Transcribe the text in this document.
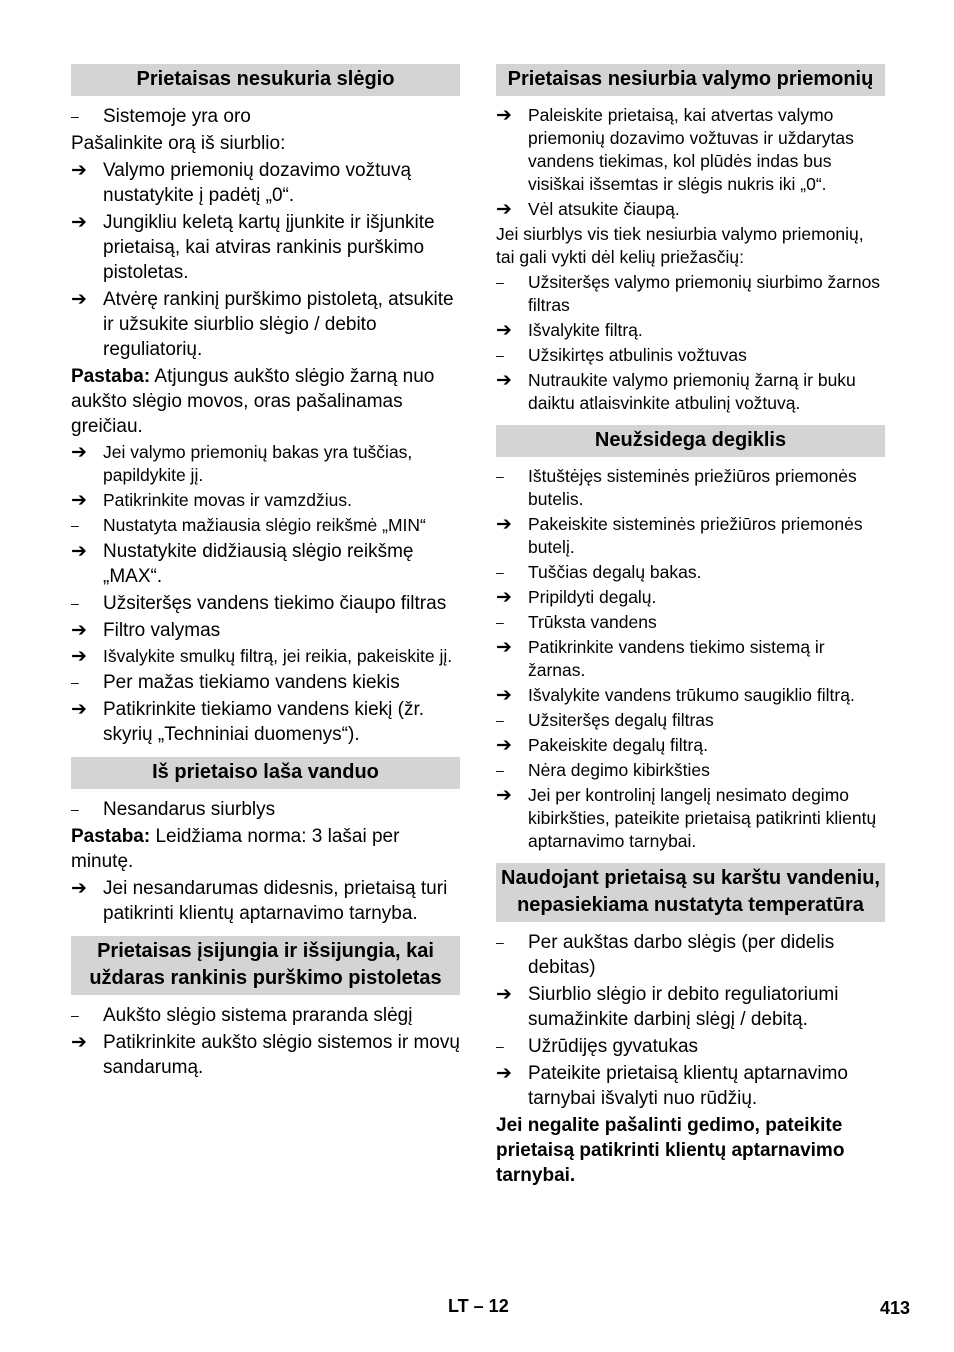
Prietaisas nesukuria slėgio
–	Sistemoje yra oro
Pašalinkite orą iš siurblio:
➔ Valymo priemonių dozavimo vožtuvą nustatykite į padėtį „0“.
➔ Jungikliu keletą kartų įjunkite ir išjunkite prietaisą, kai atviras rankinis purškimo pistoletas.
➔ Atvėrę rankinį purškimo pistoletą, atsukite ir užsukite siurblio slėgio / debito reguliatorių.
Pastaba: Atjungus aukšto slėgio žarną nuo aukšto slėgio movos, oras pašalinamas greičiau.
➔ Jei valymo priemonių bakas yra tuščias, papildykite jį.
➔ Patikrinkite movas ir vamzdžius.
–	Nustatyta mažiausia slėgio reikšmė „MIN“
➔ Nustatykite didžiausią slėgio reikšmę „MAX“.
–	Užsiteršęs vandens tiekimo čiaupo filtras
➔ Filtro valymas
➔ Išvalykite smulkų filtrą, jei reikia, pakeiskite jį.
–	Per mažas tiekiamo vandens kiekis
➔ Patikrinkite tiekiamo vandens kiekį (žr. skyrių „Techniniai duomenys“).
Iš prietaiso laša vanduo
–	Nesandarus siurblys
Pastaba: Leidžiama norma: 3 lašai per minutę.
➔ Jei nesandarumas didesnis, prietaisą turi patikrinti klientų aptarnavimo tarnyba.
Prietaisas įsijungia ir išsijungia, kai uždaras rankinis purškimo pistoletas
–	Aukšto slėgio sistema praranda slėgį
➔ Patikrinkite aukšto slėgio sistemos ir movų sandarumą.
Prietaisas nesiurbia valymo priemonių
➔ Paleiskite prietaisą, kai atvertas valymo priemonių dozavimo vožtuvas ir uždarytas vandens tiekimas, kol plūdės indas bus visiškai išsemtas ir slėgis nukris iki „0“.
➔ Vėl atsukite čiaupą.
Jei siurblys vis tiek nesiurbia valymo priemonių, tai gali vykti dėl kelių priežasčių:
–	Užsiteršęs valymo priemonių siurbimo žarnos filtras
➔ Išvalykite filtrą.
–	Užsikirtęs atbulinis vožtuvas
➔ Nutraukite valymo priemonių žarną ir buku daiktu atlaisvinkite atbulinį vožtuvą.
Neužsidega degiklis
–	Ištuštėjęs sisteminės priežiūros priemonės butelis.
➔ Pakeiskite sisteminės priežiūros priemonės butelį.
–	Tuščias degalų bakas.
➔ Pripildyti degalų.
–	Trūksta vandens
➔ Patikrinkite vandens tiekimo sistemą ir žarnas.
➔ Išvalykite vandens trūkumo saugiklio filtrą.
–	Užsiteršęs degalų filtras
➔ Pakeiskite degalų filtrą.
–	Nėra degimo kibirkšties
➔ Jei per kontrolinį langelį nesimato degimo kibirkšties, pateikite prietaisą patikrinti klientų aptarnavimo tarnybai.
Naudojant prietaisą su karštu vandeniu, nepasiekiama nustatyta temperatūra
–	Per aukštas darbo slėgis (per didelis debitas)
➔ Siurblio slėgio ir debito reguliatoriumi sumažinkite darbinį slėgį / debitą.
–	Užrūdijęs gyvatukas
➔ Pateikite prietaisą klientų aptarnavimo tarnybai išvalyti nuo rūdžių.
Jei negalite pašalinti gedimo, pateikite prietaisą patikrinti klientų aptarnavimo tarnybai.
LT – 12	413
